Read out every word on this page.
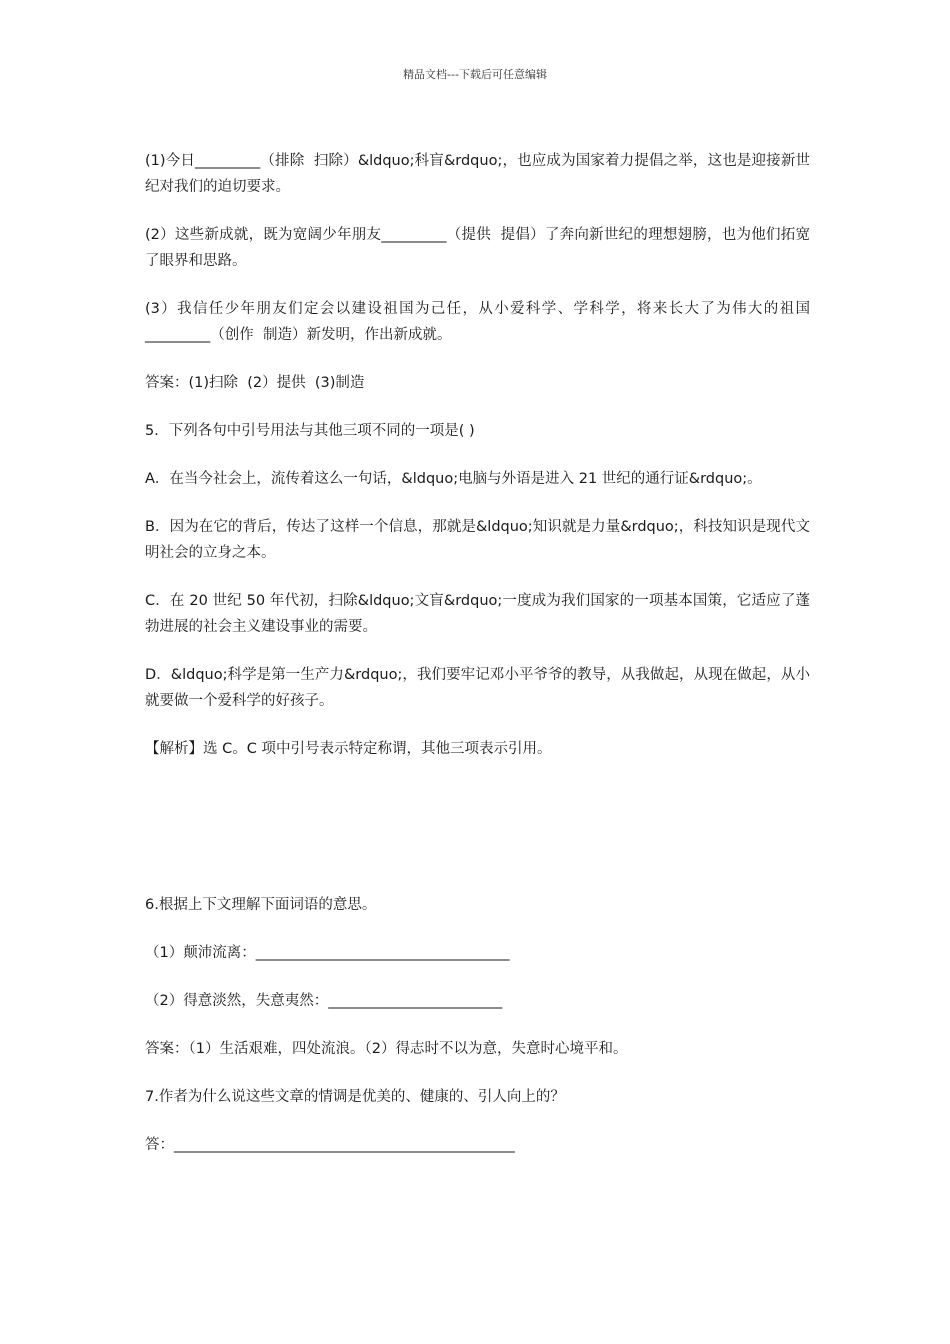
精品文档---下载后可任意编辑

(1)今日_________（排除  扫除）&ldquo;科盲&rdquo;，也应成为国家着力提倡之举，这也是迎接新世纪对我们的迫切要求。

(2）这些新成就，既为宽阔少年朋友_________（提供  提倡）了奔向新世纪的理想翅膀，也为他们拓宽了眼界和思路。

(3）我信任少年朋友们定会以建设祖国为己任，从小爱科学、学科学，将来长大了为伟大的祖国_________（创作  制造）新发明，作出新成就。

答案：(1)扫除  (2）提供  (3)制造

5．下列各句中引号用法与其他三项不同的一项是( )

A．在当今社会上，流传着这么一句话，&ldquo;电脑与外语是进入 21 世纪的通行证&rdquo;。

B．因为在它的背后，传达了这样一个信息，那就是&ldquo;知识就是力量&rdquo;，科技知识是现代文明社会的立身之本。

C．在 20 世纪 50 年代初，扫除&ldquo;文盲&rdquo;一度成为我们国家的一项基本国策，它适应了蓬勃进展的社会主义建设事业的需要。

D．&ldquo;科学是第一生产力&rdquo;，我们要牢记邓小平爷爷的教导，从我做起，从现在做起，从小就要做一个爱科学的好孩子。

【解析】选 C。C 项中引号表示特定称谓，其他三项表示引用。

6.根据上下文理解下面词语的意思。

（1）颠沛流离：___________________________________

（2）得意淡然，失意夷然：________________________

答案：（1）生活艰难，四处流浪。（2）得志时不以为意，失意时心境平和。

7.作者为什么说这些文章的情调是优美的、健康的、引人向上的？

答：_______________________________________________
